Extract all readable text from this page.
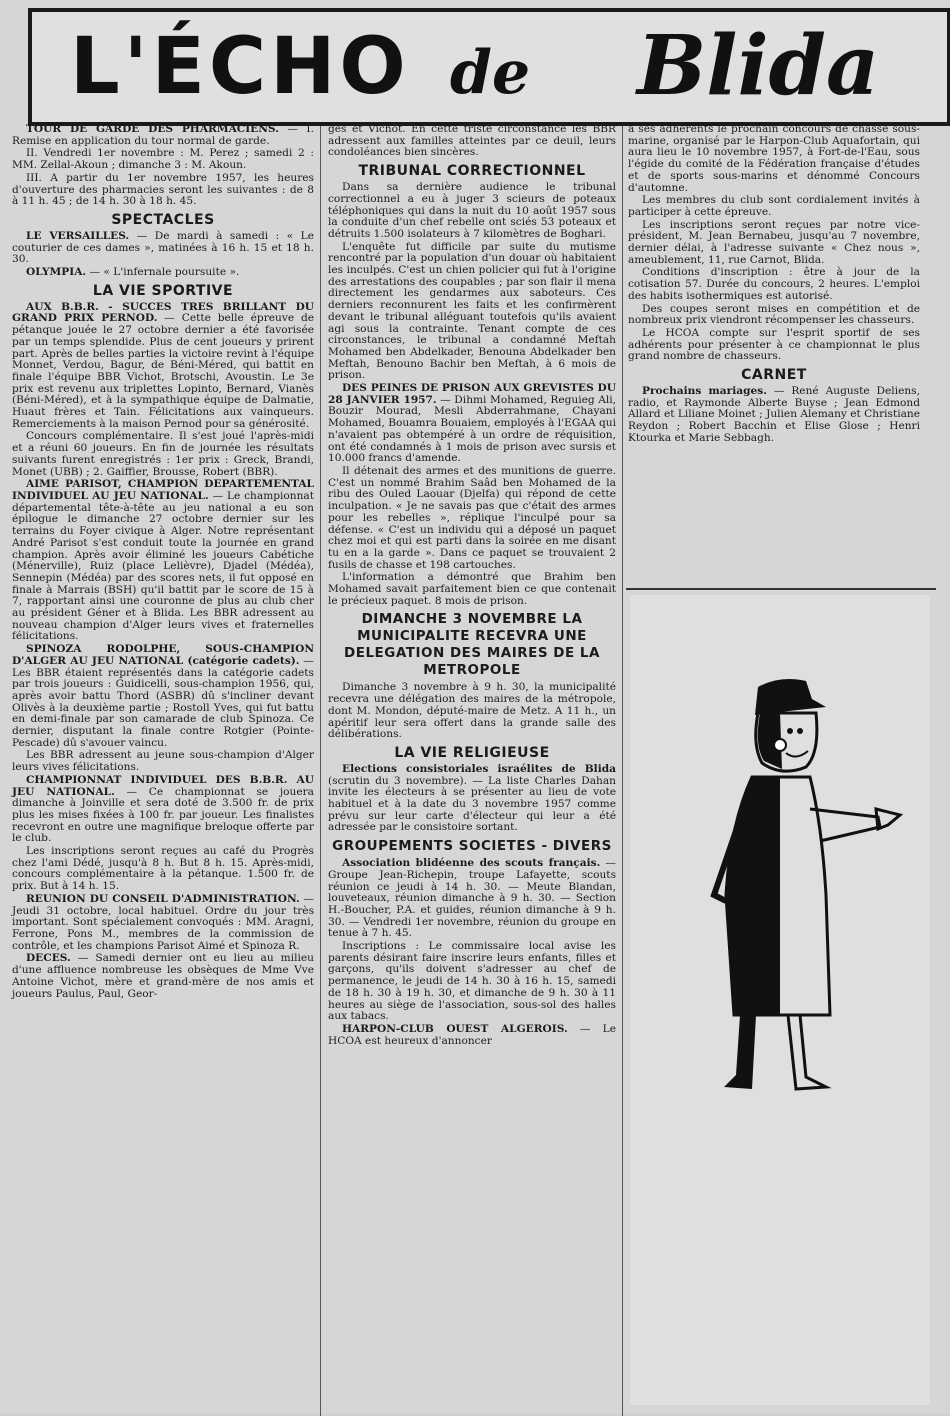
L'ÉCHO de Blida

TOUR DE GARDE DES PHARMACIENS. — I. Remise en application du tour normal de garde.

II. Vendredi 1er novembre : M. Perez ; samedi 2 : MM. Zellal-Akoun ; dimanche 3 : M. Akoun.

III. A partir du 1er novembre 1957, les heures d'ouverture des pharmacies seront les suivantes : de 8 à 11 h. 45 ; de 14 h. 30 à 18 h. 45.

SPECTACLES

LE VERSAILLES. — De mardi à samedi : « Le couturier de ces dames », matinées à 16 h. 15 et 18 h. 30.

OLYMPIA. — « L'infernale poursuite ».

LA VIE SPORTIVE

AUX B.B.R. - SUCCES TRES BRILLANT DU GRAND PRIX PERNOD. — Cette belle épreuve de pétanque jouée le 27 octobre dernier a été favorisée par un temps splendide. Plus de cent joueurs y prirent part. Après de belles parties la victoire revint à l'équipe Monnet, Verdou, Bagur, de Béni-Méred, qui battit en finale l'équipe BBR Vichot, Brotschi, Avoustin. Le 3e prix est revenu aux triplettes Lopinto, Bernard, Vianès (Béni-Méred), et à la sympathique équipe de Dalmatie, Huaut frères et Tain. Félicitations aux vainqueurs. Remerciements à la maison Pernod pour sa générosité.

Concours complémentaire. Il s'est joué l'après-midi et a réuni 60 joueurs. En fin de journée les résultats suivants furent enregistrés : 1er prix : Greck, Brandi, Monet (UBB) ; 2. Gaiffier, Brousse, Robert (BBR).

AIME PARISOT, CHAMPION DEPARTEMENTAL INDIVIDUEL AU JEU NATIONAL. — Le championnat départemental tête-à-tête au jeu national a eu son épilogue le dimanche 27 octobre dernier sur les terrains du Foyer civique à Alger. Notre représentant André Parisot s'est conduit toute la journée en grand champion. Après avoir éliminé les joueurs Cabétiche (Ménerville), Ruiz (place Lelièvre), Djadel (Médéa), Sennepin (Médéa) par des scores nets, il fut opposé en finale à Marrais (BSH) qu'il battit par le score de 15 à 7, rapportant ainsi une couronne de plus au club cher au président Géner et à Blida. Les BBR adressent au nouveau champion d'Alger leurs vives et fraternelles félicitations.

SPINOZA RODOLPHE, SOUS-CHAMPION D'ALGER AU JEU NATIONAL (catégorie cadets). — Les BBR étaient représentés dans la catégorie cadets par trois joueurs : Guidicelli, sous-champion 1956, qui, après avoir battu Thord (ASBR) dû s'incliner devant Olivès à la deuxième partie ; Rostoll Yves, qui fut battu en demi-finale par son camarade de club Spinoza. Ce dernier, disputant la finale contre Rotgier (Pointe-Pescade) dû s'avouer vaincu.

Les BBR adressent au jeune sous-champion d'Alger leurs vives félicitations.

CHAMPIONNAT INDIVIDUEL DES B.B.R. AU JEU NATIONAL. — Ce championnat se jouera dimanche à Joinville et sera doté de 3.500 fr. de prix plus les mises fixées à 100 fr. par joueur. Les finalistes recevront en outre une magnifique breloque offerte par le club.

Les inscriptions seront reçues au café du Progrès chez l'ami Dédé, jusqu'à 8 h. But 8 h. 15. Après-midi, concours complémentaire à la pétanque. 1.500 fr. de prix. But à 14 h. 15.

REUNION DU CONSEIL D'ADMINISTRATION. — Jeudi 31 octobre, local habituel. Ordre du jour très important. Sont spécialement convoqués : MM. Aragni, Ferrone, Pons M., membres de la commission de contrôle, et les champions Parisot Aimé et Spinoza R.

DECES. — Samedi dernier ont eu lieu au milieu d'une affluence nombreuse les obsèques de Mme Vve Antoine Vichot, mère et grand-mère de nos amis et joueurs Paulus, Paul, Geor-

ges et Vichot. En cette triste circonstance les BBR adressent aux familles atteintes par ce deuil, leurs condoléances bien sincères.

TRIBUNAL CORRECTIONNEL

Dans sa dernière audience le tribunal correctionnel a eu à juger 3 scieurs de poteaux téléphoniques qui dans la nuit du 10 août 1957 sous la conduite d'un chef rebelle ont sciés 53 poteaux et détruits 1.500 isolateurs à 7 kilomètres de Boghari.

L'enquête fut difficile par suite du mutisme rencontré par la population d'un douar où habitaient les inculpés. C'est un chien policier qui fut à l'origine des arrestations des coupables ; par son flair il mena directement les gendarmes aux saboteurs. Ces derniers reconnurent les faits et les confirmèrent devant le tribunal alléguant toutefois qu'ils avaient agi sous la contrainte. Tenant compte de ces circonstances, le tribunal a condamné Meftah Mohamed ben Abdelkader, Benouna Abdelkader ben Meftah, Benouno Bachir ben Meftah, à 6 mois de prison.

DES PEINES DE PRISON AUX GREVISTES DU 28 JANVIER 1957. — Dihmi Mohamed, Reguieg Ali, Bouzir Mourad, Mesli Abderrahmane, Chayani Mohamed, Bouamra Bouaiem, employés à l'EGAA qui n'avaient pas obtempéré à un ordre de réquisition, ont été condamnés à 1 mois de prison avec sursis et 10.000 francs d'amende.

Il détenait des armes et des munitions de guerre. C'est un nommé Brahim Saâd ben Mohamed de la ribu des Ouled Laouar (Djelfa) qui répond de cette inculpation. « Je ne savais pas que c'était des armes pour les rebelles », réplique l'inculpé pour sa défense. « C'est un individu qui a déposé un paquet chez moi et qui est parti dans la soirée en me disant tu en a la garde ». Dans ce paquet se trouvaient 2 fusils de chasse et 198 cartouches.

L'information a démontré que Brahim ben Mohamed savait parfaitement bien ce que contenait le précieux paquet. 8 mois de prison.

DIMANCHE 3 NOVEMBRE LA MUNICIPALITE RECEVRA UNE DELEGATION DES MAIRES DE LA METROPOLE

Dimanche 3 novembre à 9 h. 30, la municipalité recevra une délégation des maires de la métropole, dont M. Mondon, député-maire de Metz. A 11 h., un apéritif leur sera offert dans la grande salle des délibérations.

LA VIE RELIGIEUSE

Elections consistoriales israélites de Blida (scrutin du 3 novembre). — La liste Charles Dahan invite les électeurs à se présenter au lieu de vote habituel et à la date du 3 novembre 1957 comme prévu sur leur carte d'électeur qui leur a été adressée par le consistoire sortant.

GROUPEMENTS SOCIETES - DIVERS

Association blidéenne des scouts français. — Groupe Jean-Richepin, troupe Lafayette, scouts réunion ce jeudi à 14 h. 30. — Meute Blandan, louveteaux, réunion dimanche à 9 h. 30. — Section H.-Boucher, P.A. et guides, réunion dimanche à 9 h. 30. — Vendredi 1er novembre, réunion du groupe en tenue à 7 h. 45.

Inscriptions : Le commissaire local avise les parents désirant faire inscrire leurs enfants, filles et garçons, qu'ils doivent s'adresser au chef de permanence, le jeudi de 14 h. 30 à 16 h. 15, samedi de 18 h. 30 à 19 h. 30, et dimanche de 9 h. 30 à 11 heures au siège de l'association, sous-sol des halles aux tabacs.

HARPON-CLUB OUEST ALGEROIS. — Le HCOA est heureux d'annoncer

à ses adhérents le prochain concours de chasse sous-marine, organisé par le Harpon-Club Aquafortain, qui aura lieu le 10 novembre 1957, à Fort-de-l'Eau, sous l'égide du comité de la Fédération française d'études et de sports sous-marins et dénommé Concours d'automne.

Les membres du club sont cordialement invités à participer à cette épreuve.

Les inscriptions seront reçues par notre vice-président, M. Jean Bernabeu, jusqu'au 7 novembre, dernier délai, à l'adresse suivante « Chez nous », ameublement, 11, rue Carnot, Blida.

Conditions d'inscription : être à jour de la cotisation 57. Durée du concours, 2 heures. L'emploi des habits isothermiques est autorisé.

Des coupes seront mises en compétition et de nombreux prix viendront récompenser les chasseurs.

Le HCOA compte sur l'esprit sportif de ses adhérents pour présenter à ce championnat le plus grand nombre de chasseurs.

CARNET

Prochains mariages. — René Auguste Deliens, radio, et Raymonde Alberte Buyse ; Jean Edmond Allard et Liliane Moinet ; Julien Alemany et Christiane Reydon ; Robert Bacchin et Elise Glose ; Henri Ktourka et Marie Sebbagh.
